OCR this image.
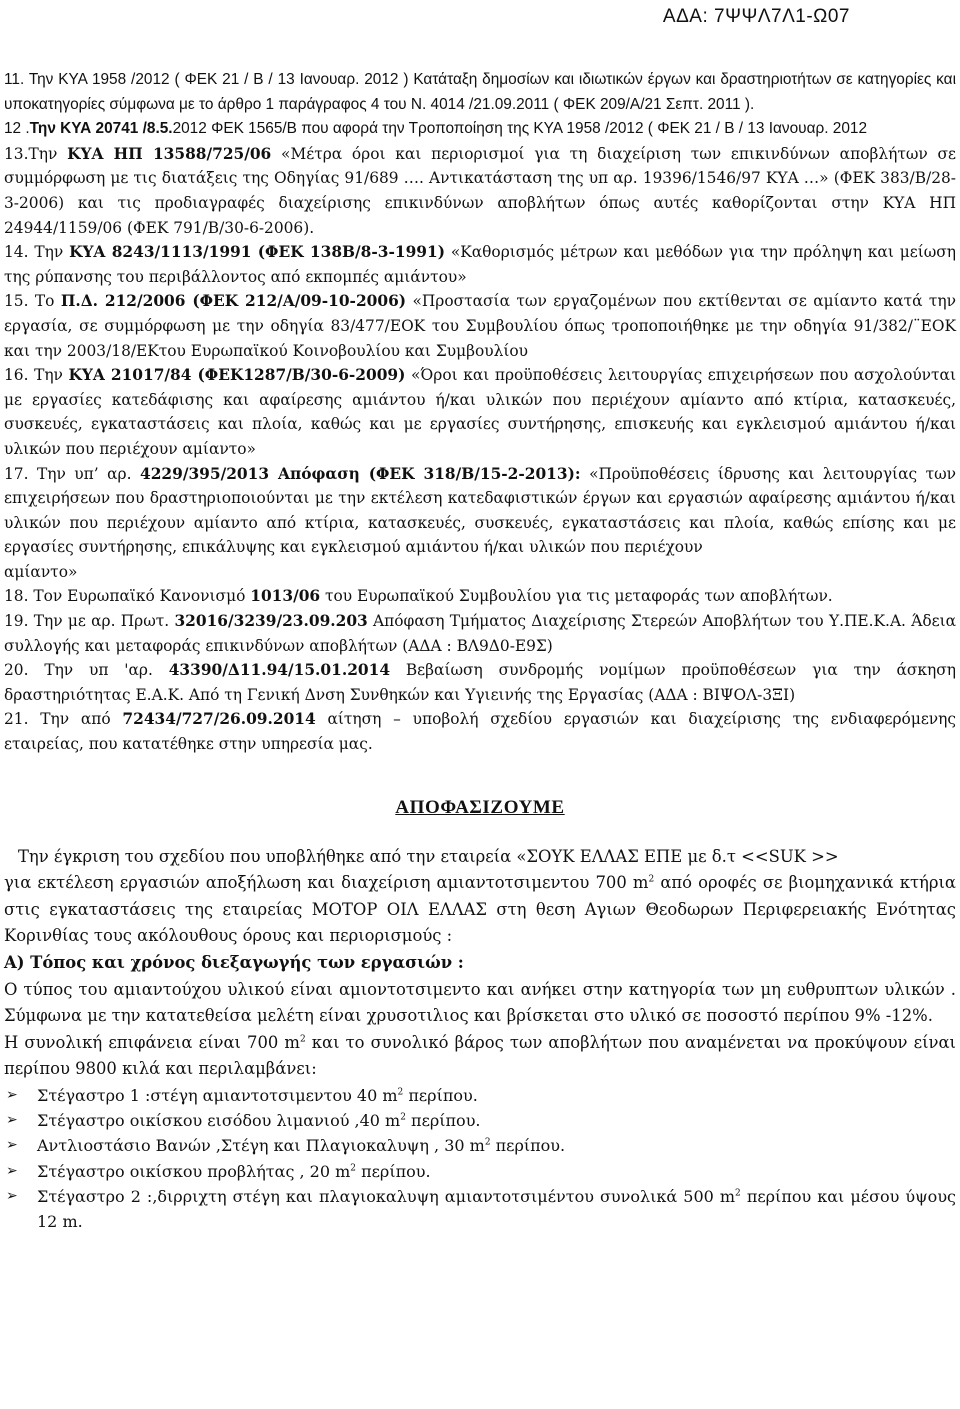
ΑΔΑ: 7ΨΨΛ7Λ1-Ω07

11. Την ΚΥΑ 1958 /2012 ( ΦΕΚ 21 / Β / 13 Ιανουαρ. 2012 ) Κατάταξη δημοσίων και ιδιωτικών έργων και δραστηριοτήτων σε κατηγορίες και υποκατηγορίες σύμφωνα με το άρθρο 1 παράγραφος 4 του Ν. 4014 /21.09.2011 ( ΦΕΚ 209/Α/21 Σεπτ. 2011 ).

12 .Την ΚΥΑ 20741 /8.5.2012 ΦΕΚ 1565/Β που αφορά την Τροποποίηση της ΚΥΑ 1958 /2012 ( ΦΕΚ 21 / Β / 13 Ιανουαρ. 2012

13.Την ΚΥΑ ΗΠ 13588/725/06 «Μέτρα όροι και περιορισμοί για τη διαχείριση των επικινδύνων αποβλήτων σε συμμόρφωση με τις διατάξεις της Οδηγίας 91/689 …. Αντικατάσταση της υπ αρ. 19396/1546/97 ΚΥΑ …» (ΦΕΚ 383/Β/28-3-2006) και τις προδιαγραφές διαχείρισης επικινδύνων αποβλήτων όπως αυτές καθορίζονται στην ΚΥΑ ΗΠ 24944/1159/06 (ΦΕΚ 791/Β/30-6-2006).

14. Την ΚΥΑ 8243/1113/1991 (ΦΕΚ 138Β/8-3-1991) «Καθορισμός μέτρων και μεθόδων για την πρόληψη και μείωση της ρύπανσης του περιβάλλοντος από εκπομπές αμιάντου»

15. Το Π.Δ. 212/2006 (ΦΕΚ 212/Α/09-10-2006) «Προστασία των εργαζομένων που εκτίθενται σε αμίαντο κατά την εργασία, σε συμμόρφωση με την οδηγία 83/477/ΕΟΚ του Συμβουλίου όπως τροποποιήθηκε με την οδηγία 91/382/¨ΕΟΚ και την 2003/18/ΕΚτου Ευρωπαϊκού Κοινοβουλίου και Συμβουλίου

16. Την ΚΥΑ 21017/84 (ΦΕΚ1287/Β/30-6-2009) «Όροι και προϋποθέσεις λειτουργίας επιχειρήσεων που ασχολούνται με εργασίες κατεδάφισης και αφαίρεσης αμιάντου ή/και υλικών που περιέχουν αμίαντο από κτίρια, κατασκευές, συσκευές, εγκαταστάσεις και πλοία, καθώς και με εργασίες συντήρησης, επισκευής και εγκλεισμού αμιάντου ή/και υλικών που περιέχουν αμίαντο»

17. Την υπ’ αρ. 4229/395/2013 Απόφαση (ΦΕΚ 318/Β/15-2-2013): «Προϋποθέσεις ίδρυσης και λειτουργίας των επιχειρήσεων που δραστηριοποιούνται με την εκτέλεση κατεδαφιστικών έργων και εργασιών αφαίρεσης αμιάντου ή/και υλικών που περιέχουν αμίαντο από κτίρια, κατασκευές, συσκευές, εγκαταστάσεις και πλοία, καθώς επίσης και με εργασίες συντήρησης, επικάλυψης και εγκλεισμού αμιάντου ή/και υλικών που περιέχουν

αμίαντο»

18. Τον Ευρωπαϊκό Κανονισμό 1013/06 του Ευρωπαϊκού Συμβουλίου για τις μεταφοράς των αποβλήτων.

19. Την με αρ. Πρωτ. 32016/3239/23.09.203 Απόφαση Τμήματος Διαχείρισης Στερεών Αποβλήτων του Υ.ΠΕ.Κ.Α. Άδεια συλλογής και μεταφοράς επικινδύνων αποβλήτων (ΑΔΑ : ΒΛ9Δ0-Ε9Σ)

20. Την υπ 'αρ. 43390/Δ11.94/15.01.2014 Βεβαίωση συνδρομής νομίμων προϋποθέσεων για την άσκηση δραστηριότητας Ε.Α.Κ. Από τη Γενική Δνση Συνθηκών και Υγιεινής της Εργασίας (ΑΔΑ : ΒΙΨΟΛ-3ΞΙ)

21. Την από 72434/727/26.09.2014 αίτηση – υποβολή σχεδίου εργασιών και διαχείρισης της ενδιαφερόμενης εταιρείας, που κατατέθηκε στην υπηρεσία μας.

ΑΠΟΦΑΣΙΖΟΥΜΕ

Την έγκριση του σχεδίου που υποβλήθηκε από την εταιρεία «ΣΟΥΚ ΕΛΛΑΣ ΕΠΕ με δ.τ <<SUK >>

για εκτέλεση εργασιών αποξήλωση και διαχείριση αμιαντοτσιμεντου 700 $m^2$ από οροφές σε βιομηχανικά κτήρια στις εγκαταστάσεις της εταιρείας ΜΟΤΟΡ ΟΙΛ ΕΛΛΑΣ στη θεση Αγιων Θεοδωρων Περιφερειακής Ενότητας Κορινθίας τους ακόλουθους όρους και περιορισμούς :

Α) Τόπος και χρόνος διεξαγωγής των εργασιών :

Ο τύπος του αμιαντούχου υλικού είναι αμιοντοτσιμεντο και ανήκει στην κατηγορία των μη ευθρυπτων υλικών . Σύμφωνα με την κατατεθείσα μελέτη είναι χρυσοτιλιος και βρίσκεται στο υλικό σε ποσοστό περίπου 9% -12%.

Η συνολική επιφάνεια είναι 700 $m^2$ και το συνολικό βάρος των αποβλήτων που αναμένεται να προκύψουν είναι περίπου 9800 κιλά και περιλαμβάνει:

➢ Στέγαστρο 1 :στέγη αμιαντοτσιμεντου 40 $m^2$ περίπου.
➢ Στέγαστρο οικίσκου εισόδου λιμανιού ,40 $m^2$ περίπου.
➢ Αντλιοστάσιο Βανών ,Στέγη και Πλαγιοκαλυψη , 30 $m^2$ περίπου.
➢ Στέγαστρο οικίσκου προβλήτας , 20 $m^2$ περίπου.
➢ Στέγαστρο 2 :,διρριχτη στέγη και πλαγιοκαλυψη αμιαντοτσιμέντου συνολικά 500 $m^2$ περίπου και μέσου ύψους 12 m.
